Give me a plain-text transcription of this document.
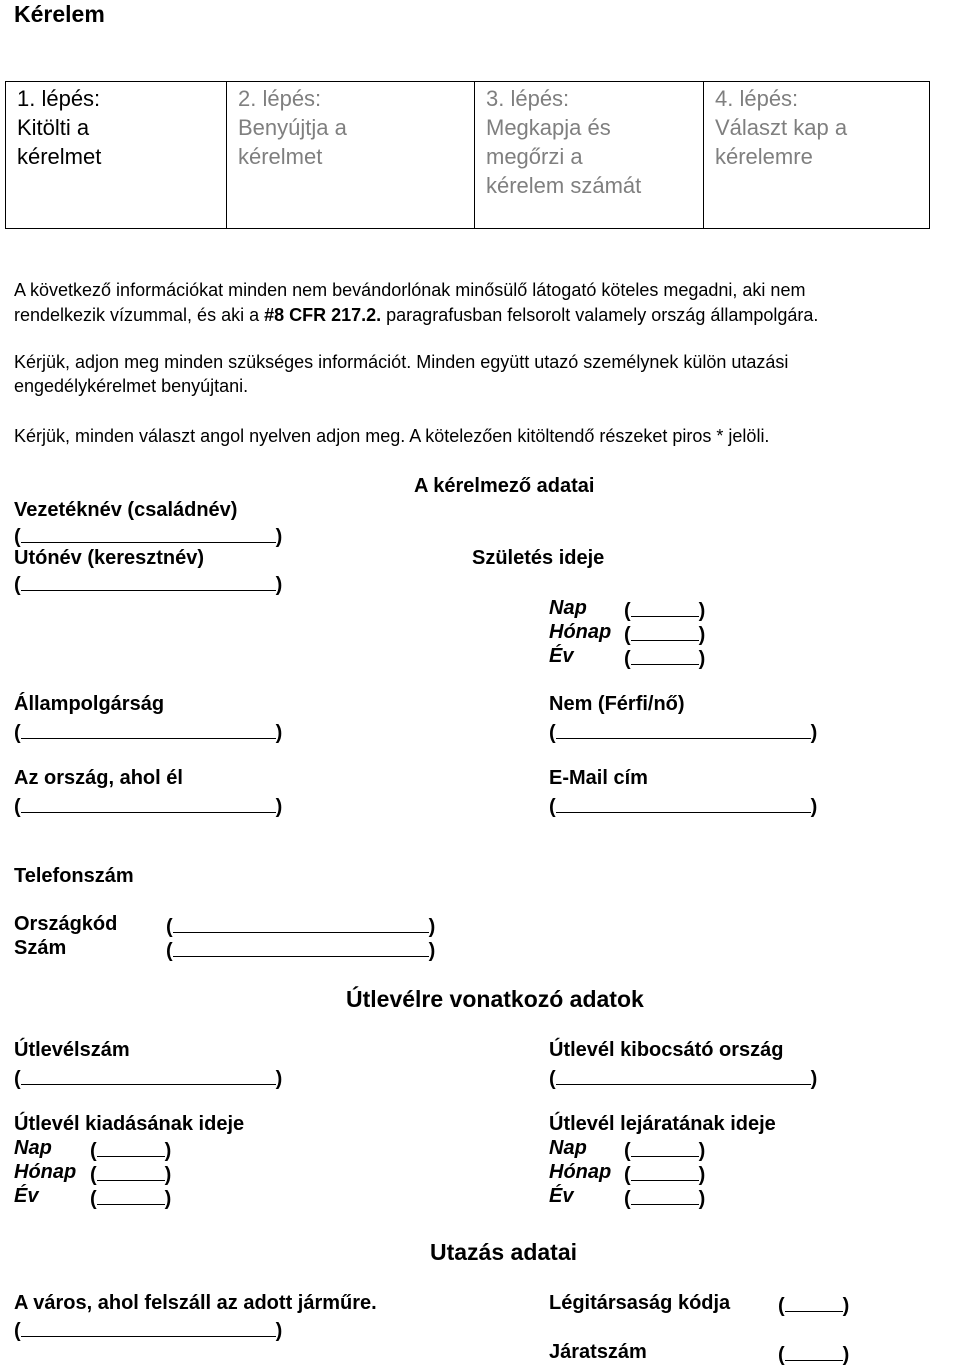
Kérelem
1. lépés:
Kitölti a
kérelmet

2. lépés:
Benyújtja a
kérelmet

3. lépés:
Megkapja és
megőrzi a
kérelem számát

4. lépés:
Választ kap a
kérelemre
A következő információkat minden nem bevándorlónak minősülő látogató köteles megadni, aki nem
rendelkezik vízummal, és aki a #8 CFR 217.2. paragrafusban felsorolt valamely ország állampolgára.
Kérjük, adjon meg minden szükséges információt. Minden együtt utazó személynek külön utazási
engedélykérelmet benyújtani.
Kérjük, minden választ angol nyelven adjon meg. A kötelezően kitöltendő részeket piros * jelöli.
A kérelmező adatai
Vezetéknév (családnév)
(	)
Utónév (keresztnév)
(	)
Születés ideje
Nap (	)
Hónap (	)
Év	(	)
Állampolgárság
(	)
Nem (Férfi/nő)
(	)
Az ország, ahol él
(	)
E-Mail cím
(	)
Telefonszám
Országkód (	)
Szám	(	)
Útlevélre vonatkozó adatok
Útlevélszám
(	)
Útlevél kibocsátó ország
(	)
Útlevél kiadásának ideje
Nap (	)
Hónap (	)
Év	(	)
Útlevél lejáratának ideje
Nap (	)
Hónap (	)
Év	(	)
Utazás adatai
A város, ahol felszáll az adott járműre.
(	)
Légitársaság kódja (	)
Járatszám	(	)
